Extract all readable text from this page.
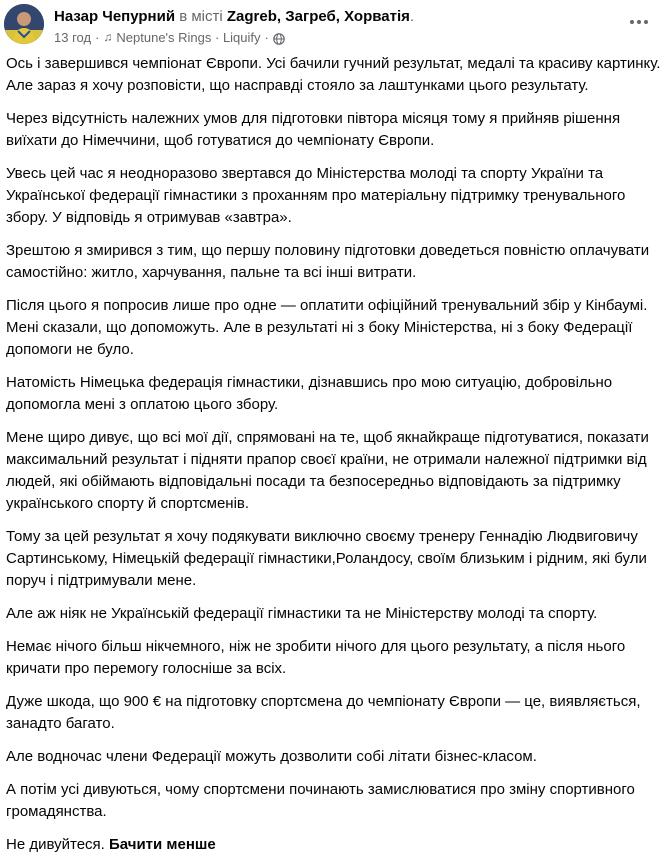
Назар Чепурний в місті Zagreb, Загреб, Хорватія.
13 год · ♫ Neptune's Rings · Liquify ·

Ось і завершився чемпіонат Європи. Усі бачили гучний результат, медалі та красиву картинку. Але зараз я хочу розповісти, що насправді стояло за лаштунками цього результату.

Через відсутність належних умов для підготовки півтора місяця тому я прийняв рішення виїхати до Німеччини, щоб готуватися до чемпіонату Європи.

Увесь цей час я неодноразово звертався до Міністерства молоді та спорту України та Української федерації гімнастики з проханням про матеріальну підтримку тренувального збору. У відповідь я отримував «завтра».

Зрештою я змирився з тим, що першу половину підготовки доведеться повністю оплачувати самостійно: житло, харчування, пальне та всі інші витрати.

Після цього я попросив лише про одне — оплатити офіційний тренувальний збір у Кінбаумі. Мені сказали, що допоможуть. Але в результаті ні з боку Міністерства, ні з боку Федерації допомоги не було.

Натомість Німецька федерація гімнастики, дізнавшись про мою ситуацію, добровільно допомогла мені з оплатою цього збору.

Мене щиро дивує, що всі мої дії, спрямовані на те, щоб якнайкраще підготуватися, показати максимальний результат і підняти прапор своєї країни, не отримали належної підтримки від людей, які обіймають відповідальні посади та безпосередньо відповідають за підтримку українського спорту й спортсменів.

Тому за цей результат я хочу подякувати виключно своєму тренеру Геннадію Людвиговичу Сартинському, Німецькій федерації гімнастики,Роландосу, своїм близьким і рідним, які були поруч і підтримували мене.

Але аж ніяк не Українській федерації гімнастики та не Міністерству молоді та спорту.

Немає нічого більш нікчемного, ніж не зробити нічого для цього результату, а після нього кричати про перемогу голосніше за всіх.

Дуже шкода, що 900 € на підготовку спортсмена до чемпіонату Європи — це, виявляється, занадто багато.

Але водночас члени Федерації можуть дозволити собі літати бізнес-класом.

А потім усі дивуються, чому спортсмени починають замислюватися про зміну спортивного громадянства.

Не дивуйтеся. Бачити менше
